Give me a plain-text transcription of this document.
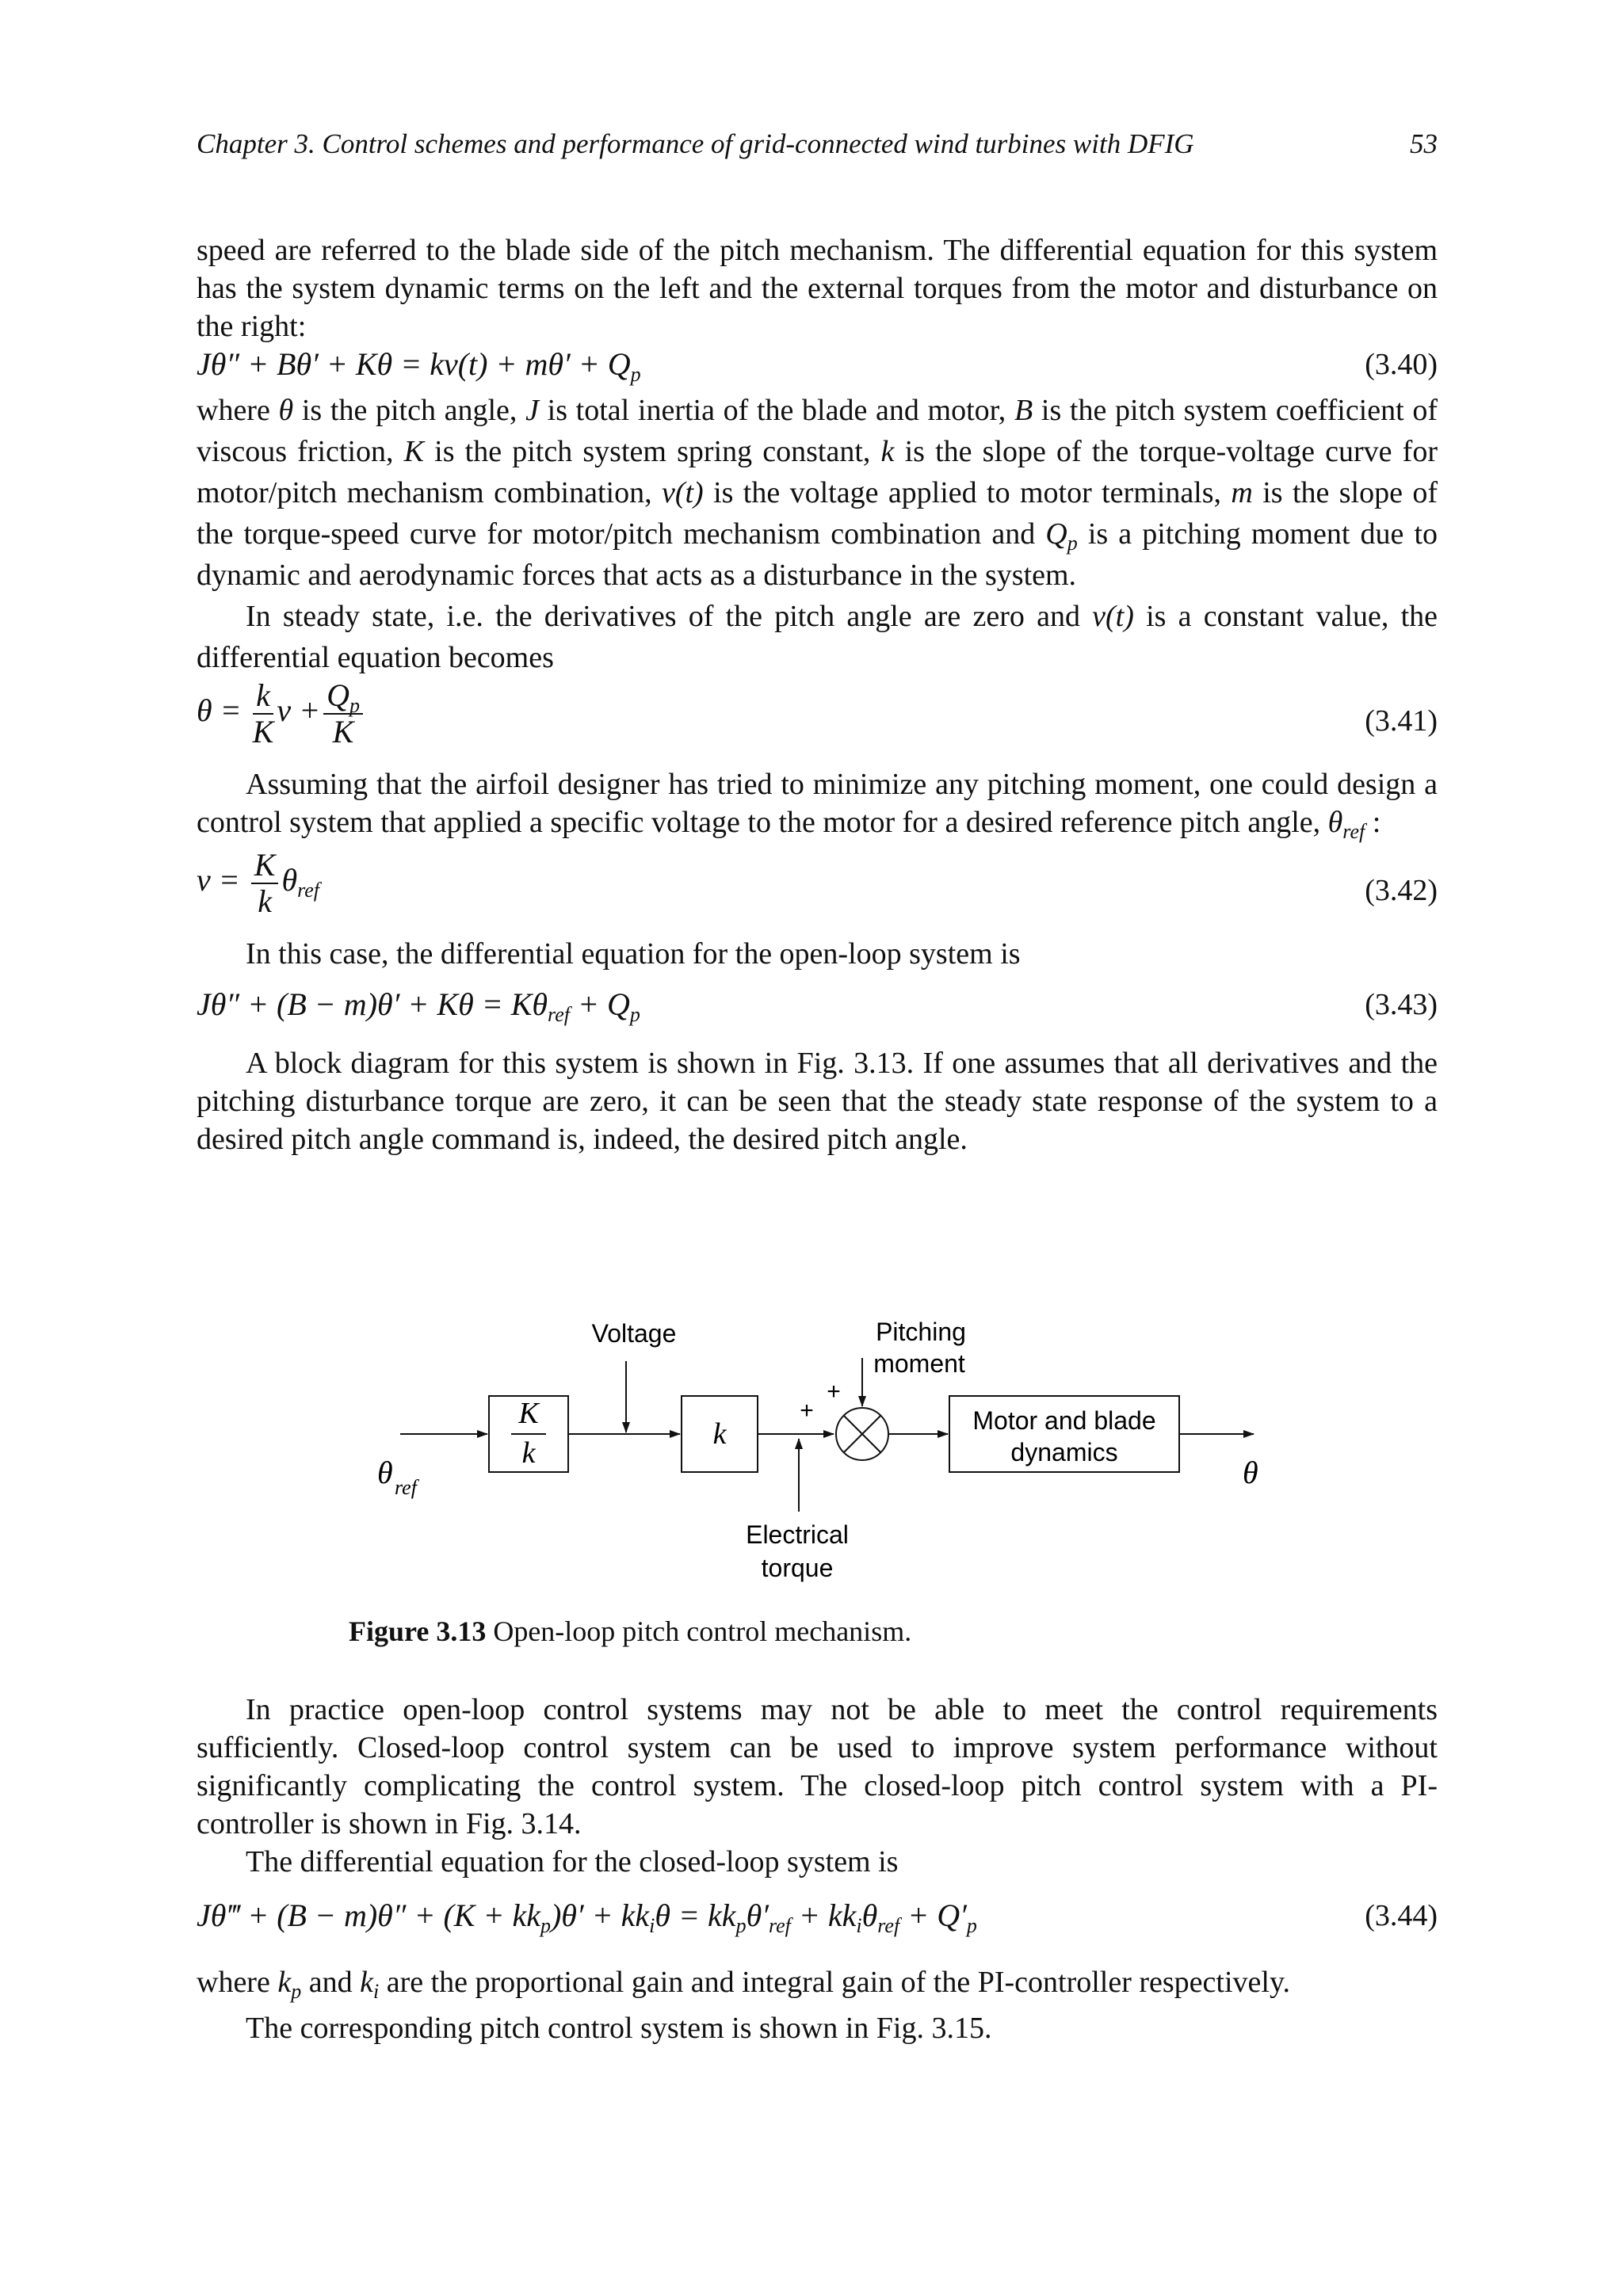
Chapter 3. Control schemes and performance of grid-connected wind turbines with DFIG	53

speed are referred to the blade side of the pitch mechanism. The differential equation for this system has the system dynamic terms on the left and the external torques from the motor and disturbance on the right:

$J\theta'' + B\theta' + K\theta = kv(t) + m\theta' + Q_p$	(3.40)

where θ is the pitch angle, J is total inertia of the blade and motor, B is the pitch system coefficient of viscous friction, K is the pitch system spring constant, k is the slope of the torque-voltage curve for motor/pitch mechanism combination, v(t) is the voltage applied to motor terminals, m is the slope of the torque-speed curve for motor/pitch mechanism combination and $Q_p$ is a pitching moment due to dynamic and aerodynamic forces that acts as a disturbance in the system.

In steady state, i.e. the derivatives of the pitch angle are zero and v(t) is a constant value, the differential equation becomes

$\theta = \frac{k}{K}$ $v + \frac{Q_p}{K}$	(3.41)

Assuming that the airfoil designer has tried to minimize any pitching moment, one could design a control system that applied a specific voltage to the motor for a desired reference pitch angle, $\theta_{ref}$ :

$v = \frac{K}{k} \theta_{ref}$	(3.42)

In this case, the differential equation for the open-loop system is

$J\theta'' + (B - m)\theta' + K\theta = K\theta_{ref} + Q_p$	(3.43)

A block diagram for this system is shown in Fig. 3.13. If one assumes that all derivatives and the pitching disturbance torque are zero, it can be seen that the steady state response of the system to a desired pitch angle command is, indeed, the desired pitch angle.

K
k
Voltage
k
+
Electrical
torque
Pitching
moment
+
Motor and blade
dynamics
θ ref	θ
Figure 3.13 Open-loop pitch control mechanism.

In practice open-loop control systems may not be able to meet the control requirements sufficiently. Closed-loop control system can be used to improve system performance without significantly complicating the control system. The closed-loop pitch control system with a PI-controller is shown in Fig. 3.14.

The differential equation for the closed-loop system is

Jθ‴ + $(B - m)\theta'' + (K + kk_p)\theta' + kk_i\theta = kk_p\theta'_{ref} + kk_i\theta_{ref} + Q'_p$	(3.44)

where $k_p$ and $k_i$ are the proportional gain and integral gain of the PI-controller respectively.

The corresponding pitch control system is shown in Fig. 3.15.
